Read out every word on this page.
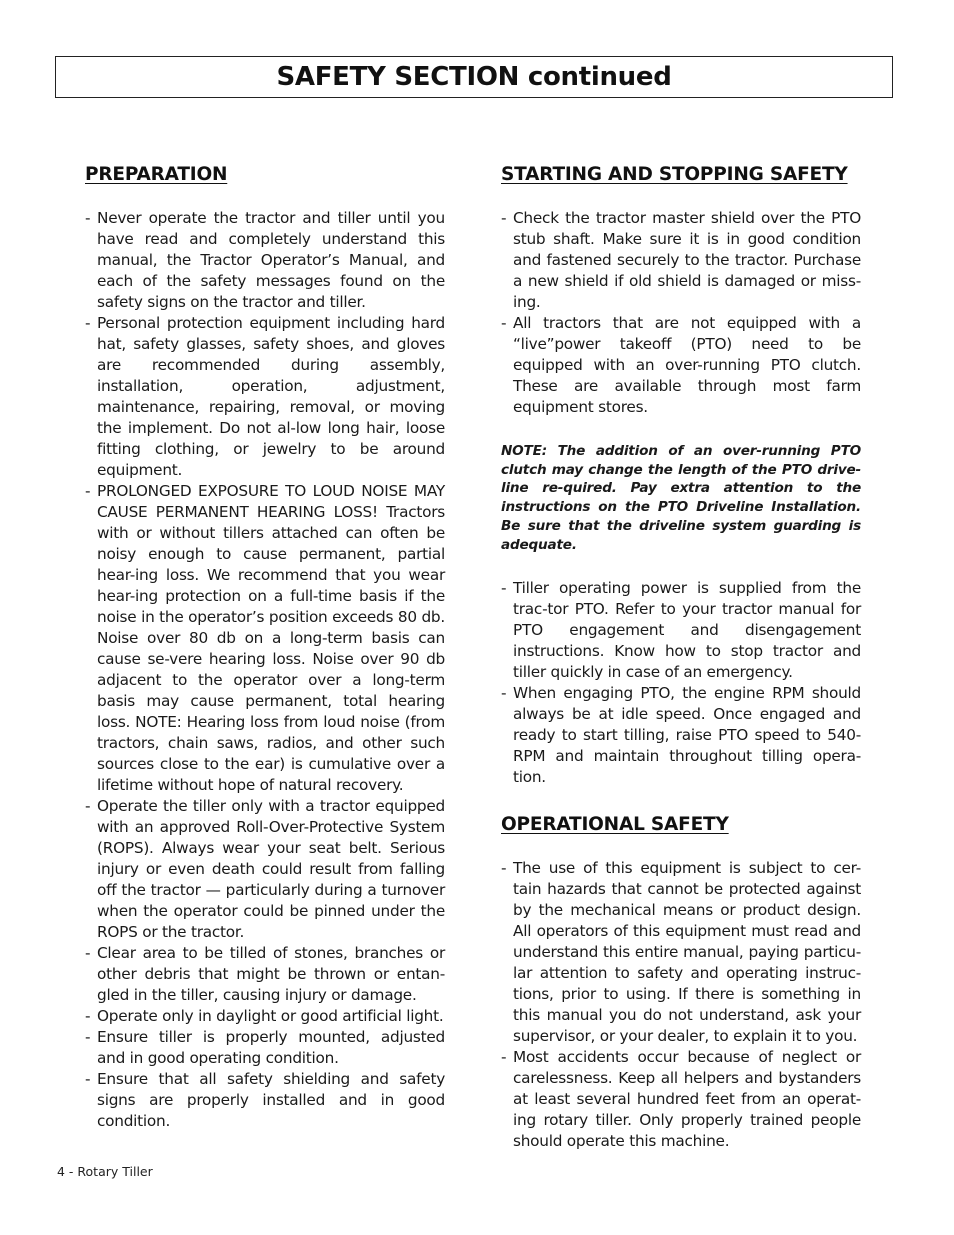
SAFETY SECTION continued
PREPARATION
- Never operate the tractor and tiller until you have read and completely understand this manual, the Tractor Operator’s Manual, and each of the safety messages found on the safety signs on the tractor and tiller.
- Personal protection equipment including hard hat, safety glasses, safety shoes, and gloves are recommended during assembly, installation, operation, adjustment, maintenance, repairing, removal, or moving the implement. Do not al-low long hair, loose fitting clothing, or jewelry to be around equipment.
- PROLONGED EXPOSURE TO LOUD NOISE MAY CAUSE PERMANENT HEARING LOSS! Tractors with or without tillers attached can often be noisy enough to cause permanent, partial hear-ing loss. We recommend that you wear hear-ing protection on a full-time basis if the noise in the operator’s position exceeds 80 db. Noise over 80 db on a long-term basis can cause se-vere hearing loss. Noise over 90 db adjacent to the operator over a long-term basis may cause permanent, total hearing loss. NOTE: Hearing loss from loud noise (from tractors, chain saws, radios, and other such sources close to the ear) is cumulative over a lifetime without hope of natural recovery.
- Operate the tiller only with a tractor equipped with an approved Roll-Over-Protective System (ROPS). Always wear your seat belt. Serious injury or even death could result from falling off the tractor — particularly during a turnover when the operator could be pinned under the ROPS or the tractor.
- Clear area to be tilled of stones, branches or other debris that might be thrown or entan-gled in the tiller, causing injury or damage.
- Operate only in daylight or good artificial light.
- Ensure tiller is properly mounted, adjusted and in good operating condition.
- Ensure that all safety shielding and safety signs are properly installed and in good condition.
STARTING AND STOPPING SAFETY
- Check the tractor master shield over the PTO stub shaft. Make sure it is in good condition and fastened securely to the tractor. Purchase a new shield if old shield is damaged or miss-ing.
- All tractors that are not equipped with a “live”power takeoff (PTO) need to be equipped with an over-running PTO clutch. These are available through most farm equipment stores.

NOTE: The addition of an over-running PTO clutch may change the length of the PTO drive-line re-quired. Pay extra attention to the instructions on the PTO Driveline Installation. Be sure that the driveline system guarding is adequate.

- Tiller operating power is supplied from the trac-tor PTO. Refer to your tractor manual for PTO engagement and disengagement instructions. Know how to stop tractor and tiller quickly in case of an emergency.
- When engaging PTO, the engine RPM should always be at idle speed. Once engaged and ready to start tilling, raise PTO speed to 540-RPM and maintain throughout tilling opera-tion.
OPERATIONAL SAFETY
- The use of this equipment is subject to cer-tain hazards that cannot be protected against by the mechanical means or product design. All operators of this equipment must read and understand this entire manual, paying particu-lar attention to safety and operating instruc-tions, prior to using. If there is something in this manual you do not understand, ask your supervisor, or your dealer, to explain it to you.
- Most accidents occur because of neglect or carelessness. Keep all helpers and bystanders at least several hundred feet from an operat-ing rotary tiller. Only properly trained people should operate this machine.
4 - Rotary Tiller
